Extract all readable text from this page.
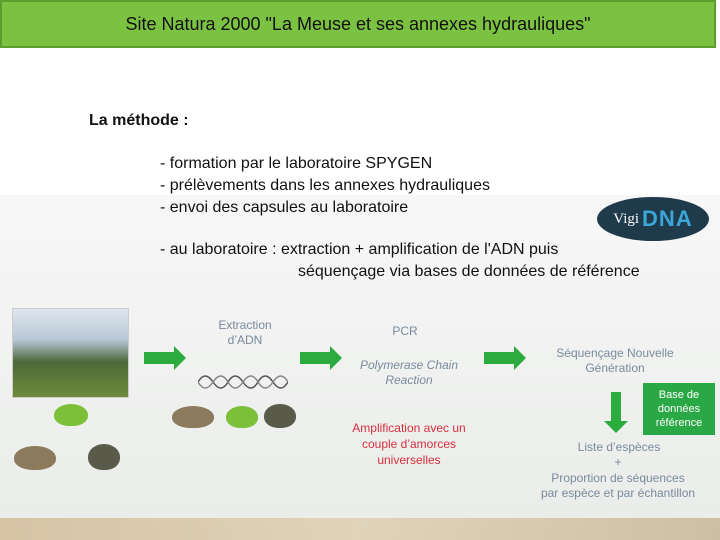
Site Natura 2000 "La Meuse et ses annexes hydrauliques"
La méthode :
- formation par le laboratoire SPYGEN
- prélèvements dans les annexes hydrauliques
- envoi des capsules au laboratoire
Vigi DNA
- au laboratoire : extraction + amplification de l'ADN puis
séquençage via bases de données de référence
Extraction
d’ADN
PCR
Polymerase Chain
Reaction
Amplification avec un
couple d’amorces
universelles
Séquençage Nouvelle
Génération
Base de
données
référence
Liste d’espèces
+
Proportion de séquences
par espèce et par échantillon
